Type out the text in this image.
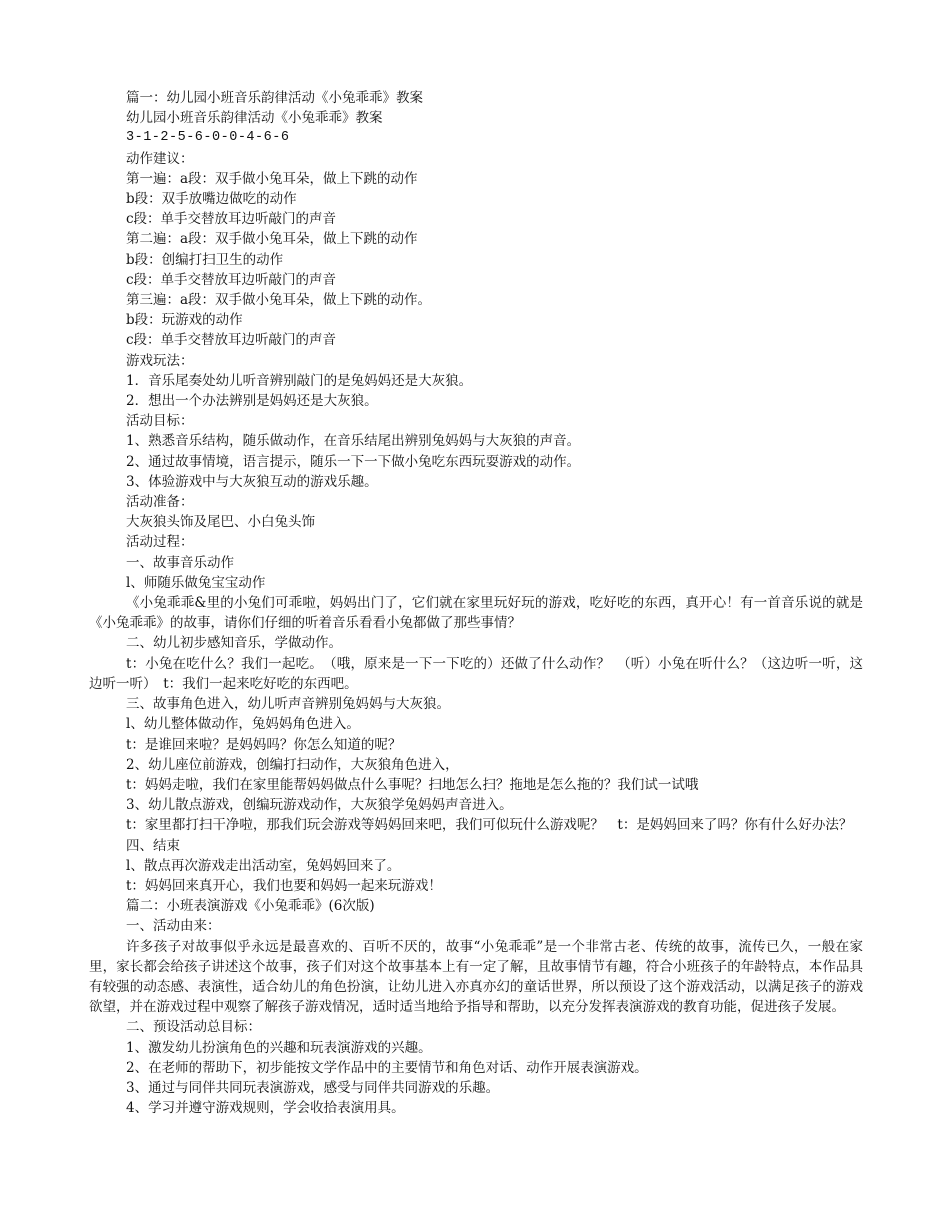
篇一：幼儿园小班音乐韵律活动《小兔乖乖》教案

幼儿园小班音乐韵律活动《小兔乖乖》教案

3-1-2-5-6-0-0-4-6-6

动作建议：

第一遍：a段：双手做小兔耳朵，做上下跳的动作

b段：双手放嘴边做吃的动作

c段：单手交替放耳边听敲门的声音

第二遍：a段：双手做小兔耳朵，做上下跳的动作

b段：创编打扫卫生的动作

c段：单手交替放耳边听敲门的声音

第三遍：a段：双手做小兔耳朵，做上下跳的动作。

b段：玩游戏的动作

c段：单手交替放耳边听敲门的声音

游戏玩法：

1．音乐尾奏处幼儿听音辨别敲门的是兔妈妈还是大灰狼。

2．想出一个办法辨别是妈妈还是大灰狼。

活动目标：

1、熟悉音乐结构，随乐做动作，在音乐结尾出辨别兔妈妈与大灰狼的声音。

2、通过故事情境，语言提示，随乐一下一下做小兔吃东西玩耍游戏的动作。

3、体验游戏中与大灰狼互动的游戏乐趣。

活动准备：

大灰狼头饰及尾巴、小白兔头饰

活动过程：

一、故事音乐动作

l、师随乐做兔宝宝动作

《小兔乖乖&里的小兔们可乖啦，妈妈出门了，它们就在家里玩好玩的游戏，吃好吃的东西，真开心！有一首音乐说的就是《小兔乖乖》的故事，请你们仔细的听着音乐看看小兔都做了那些事情？

二、幼儿初步感知音乐，学做动作。

t：小兔在吃什么？我们一起吃。　（哦，原来是一下一下吃的）还做了什么动作？　（听）小兔在听什么？（这边听一听，这边听一听）　t：我们一起来吃好吃的东西吧。

三、故事角色进入，幼儿听声音辨别兔妈妈与大灰狼。

l、幼儿整体做动作，兔妈妈角色进入。

t：是谁回来啦？是妈妈吗？你怎么知道的呢？

2、幼儿座位前游戏，创编打扫动作，大灰狼角色进入，

t：妈妈走啦，我们在家里能帮妈妈做点什么事呢？扫地怎么扫？拖地是怎么拖的？我们试一试哦

3、幼儿散点游戏，创编玩游戏动作，大灰狼学兔妈妈声音进入。

t：家里都打扫干净啦，那我们玩会游戏等妈妈回来吧，我们可似玩什么游戏呢？　t：是妈妈回来了吗？你有什么好办法？

四、结束

l、散点再次游戏走出活动室，兔妈妈回来了。

t：妈妈回来真开心，我们也要和妈妈一起来玩游戏！

篇二：小班表演游戏《小兔乖乖》(6次版)

一、活动由来：

许多孩子对故事似乎永远是最喜欢的、百听不厌的，故事“小兔乖乖”是一个非常古老、传统的故事，流传已久，一般在家里，家长都会给孩子讲述这个故事，孩子们对这个故事基本上有一定了解，且故事情节有趣，符合小班孩子的年龄特点，本作品具有较强的动态感、表演性，适合幼儿的角色扮演，让幼儿进入亦真亦幻的童话世界，所以预设了这个游戏活动，以满足孩子的游戏欲望，并在游戏过程中观察了解孩子游戏情况，适时适当地给予指导和帮助，以充分发挥表演游戏的教育功能，促进孩子发展。

二、预设活动总目标：

1、激发幼儿扮演角色的兴趣和玩表演游戏的兴趣。

2、在老师的帮助下，初步能按文学作品中的主要情节和角色对话、动作开展表演游戏。

3、通过与同伴共同玩表演游戏，感受与同伴共同游戏的乐趣。

4、学习并遵守游戏规则，学会收拾表演用具。
